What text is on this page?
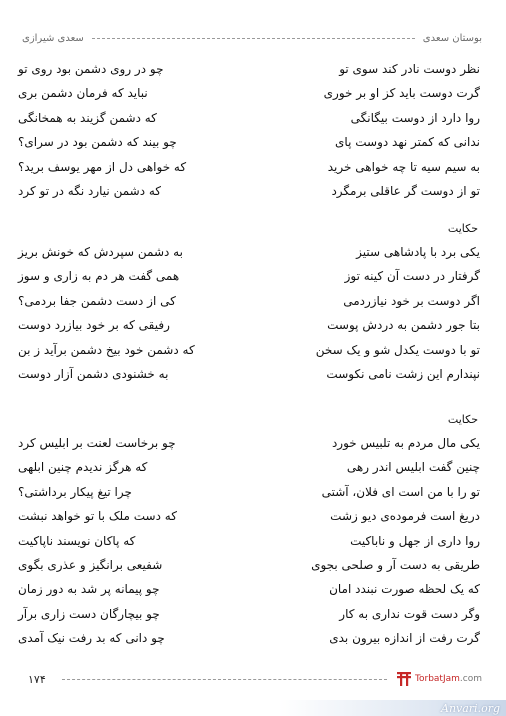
بوستان سعدی
سعدی شیرازی
نظر دوست نادر کند سوی تو
چو در روی دشمن بود روی تو
گرت دوست باید کز او بر خوری
نباید که فرمان دشمن بری
روا دارد از دوست بیگانگی
که دشمن گزیند به همخانگی
ندانی که کمتر نهد دوست پای
چو بیند که دشمن بود در سرای؟
به سیم سیه تا چه خواهی خرید
که خواهی دل از مهر یوسف برید؟
تو از دوست گر عاقلی برمگرد
که دشمن نیارد نگه در تو کرد
حکایت
یکی برد با پادشاهی ستیز
به دشمن سپردش که خونش بریز
گرفتار در دست آن کینه توز
همی گفت هر دم به زاری و سوز
اگر دوست بر خود نیازردمی
کی از دست دشمن جفا بردمی؟
بتا جور دشمن به دردش پوست
رفیقی که بر خود بیازرد دوست
تو با دوست یکدل شو و یک سخن
که دشمن خود بیخ دشمن برآید ز بن
نپندارم این زشت نامی نکوست
به خشنودی دشمن آزار دوست
حکایت
یکی مال مردم به تلبیس خورد
چو برخاست لعنت بر ابلیس کرد
چنین گفت ابلیس اندر رهی
که هرگز ندیدم چنین ابلهی
تو را با من است ای فلان، آشتی
چرا تیغ پیکار برداشتی؟
دریغ است فرموده‌ی دیو زشت
که دست ملک با تو خواهد نبشت
روا داری از جهل و ناباکیت
که پاکان نویسند ناپاکیت
طریقی به دست آر و صلحی بجوی
شفیعی برانگیز و عذری بگوی
که یک لحظه صورت نبندد امان
چو پیمانه پر شد به دور زمان
وگر دست قوت نداری به کار
چو بیچارگان دست زاری برآر
گرت رفت از اندازه بیرون بدی
چو دانی که بد رفت نیک آمدی
۱۷۴	TorbatJam .com
Anvari.org
